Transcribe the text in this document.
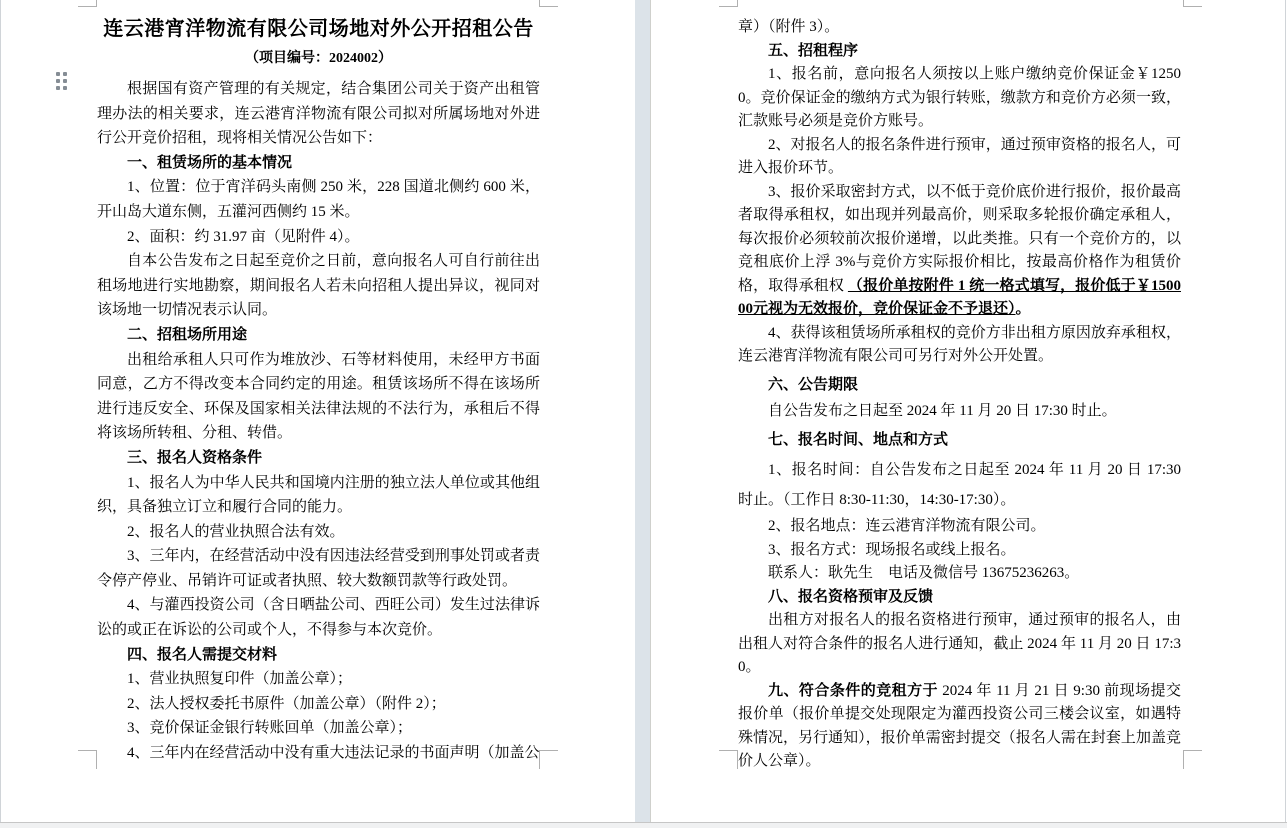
连云港宵洋物流有限公司场地对外公开招租公告
（项目编号：2024002）

根据国有资产管理的有关规定，结合集团公司关于资产出租管理办法的相关要求，连云港宵洋物流有限公司拟对所属场地对外进行公开竞价招租，现将相关情况公告如下：

一、租赁场所的基本情况

1、位置：位于宵洋码头南侧 250 米，228 国道北侧约 600 米，开山岛大道东侧，五灌河西侧约 15 米。

2、面积：约 31.97 亩（见附件 4）。

自本公告发布之日起至竞价之日前，意向报名人可自行前往出租场地进行实地勘察，期间报名人若未向招租人提出异议，视同对该场地一切情况表示认同。

二、招租场所用途

出租给承租人只可作为堆放沙、石等材料使用，未经甲方书面同意，乙方不得改变本合同约定的用途。租赁该场所不得在该场所进行违反安全、环保及国家相关法律法规的不法行为，承租后不得将该场所转租、分租、转借。

三、报名人资格条件

1、报名人为中华人民共和国境内注册的独立法人单位或其他组织，具备独立订立和履行合同的能力。

2、报名人的营业执照合法有效。

3、三年内，在经营活动中没有因违法经营受到刑事处罚或者责令停产停业、吊销许可证或者执照、较大数额罚款等行政处罚。

4、与灌西投资公司（含日晒盐公司、西旺公司）发生过法律诉讼的或正在诉讼的公司或个人，不得参与本次竞价。

四、报名人需提交材料

1、营业执照复印件（加盖公章）；

2、法人授权委托书原件（加盖公章）（附件 2）；

3、竞价保证金银行转账回单（加盖公章）；

4、三年内在经营活动中没有重大违法记录的书面声明（加盖公

章）（附件 3）。

五、招租程序

1、报名前，意向报名人须按以上账户缴纳竞价保证金￥12500。竞价保证金的缴纳方式为银行转账，缴款方和竞价方必须一致，汇款账号必须是竞价方账号。

2、对报名人的报名条件进行预审，通过预审资格的报名人，可进入报价环节。

3、报价采取密封方式，以不低于竞价底价进行报价，报价最高者取得承租权，如出现并列最高价，则采取多轮报价确定承租人，每次报价必须较前次报价递增，以此类推。只有一个竞价方的，以竞租底价上浮 3%与竞价方实际报价相比，按最高价格作为租赁价格，取得承租权 （报价单按附件 1 统一格式填写，报价低于￥150000元视为无效报价，竞价保证金不予退还）。

4、获得该租赁场所承租权的竞价方非出租方原因放弃承租权，连云港宵洋物流有限公司可另行对外公开处置。

六、公告期限

自公告发布之日起至 2024 年 11 月 20 日 17:30 时止。

七、报名时间、地点和方式

1、报名时间：自公告发布之日起至 2024 年 11 月 20 日 17:30 时止。（工作日 8:30-11:30，14:30-17:30）。

2、报名地点：连云港宵洋物流有限公司。

3、报名方式：现场报名或线上报名。

联系人：耿先生　电话及微信号 13675236263。

八、报名资格预审及反馈

出租方对报名人的报名资格进行预审，通过预审的报名人，由出租人对符合条件的报名人进行通知，截止 2024 年 11 月 20 日 17:30。

九、符合条件的竞租方于 2024 年 11 月 21 日 9:30 前现场提交报价单（报价单提交处现限定为灌西投资公司三楼会议室，如遇特殊情况，另行通知），报价单需密封提交（报名人需在封套上加盖竞价人公章）。
